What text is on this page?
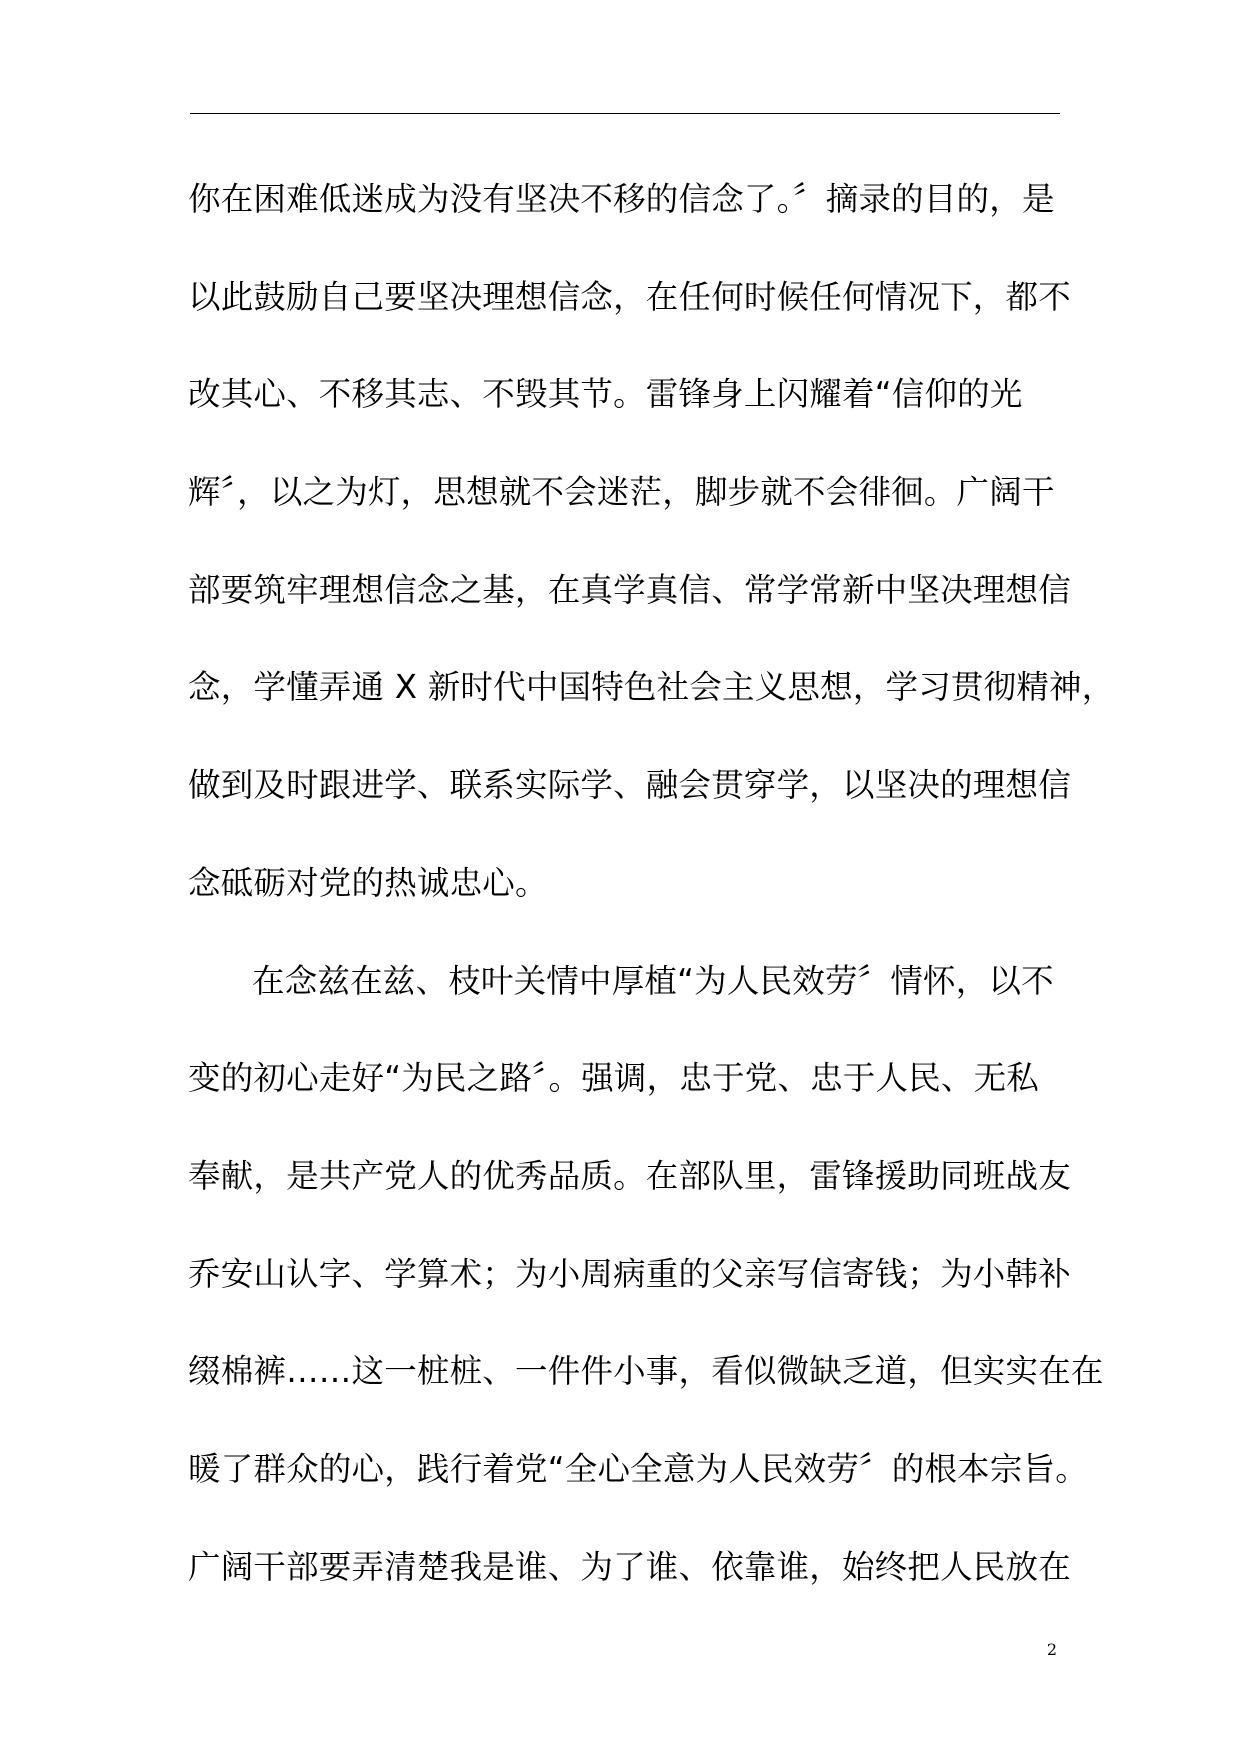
你在困难低迷成为没有坚决不移的信念了。〞摘录的目的，是
以此鼓励自己要坚决理想信念，在任何时候任何情况下，都不
改其心、不移其志、不毁其节。雷锋身上闪耀着“信仰的光
辉〞，以之为灯，思想就不会迷茫，脚步就不会徘徊。广阔干
部要筑牢理想信念之基，在真学真信、常学常新中坚决理想信
念，学懂弄通 X 新时代中国特色社会主义思想，学习贯彻精神，
做到及时跟进学、联系实际学、融会贯穿学，以坚决的理想信
念砥砺对党的热诚忠心。
在念兹在兹、枝叶关情中厚植“为人民效劳〞情怀，以不
变的初心走好“为民之路〞。强调，忠于党、忠于人民、无私
奉献，是共产党人的优秀品质。在部队里，雷锋援助同班战友
乔安山认字、学算术；为小周病重的父亲写信寄钱；为小韩补
缀棉裤……这一桩桩、一件件小事，看似微缺乏道，但实实在在
暖了群众的心，践行着党“全心全意为人民效劳〞的根本宗旨。
广阔干部要弄清楚我是谁、为了谁、依靠谁，始终把人民放在
2
